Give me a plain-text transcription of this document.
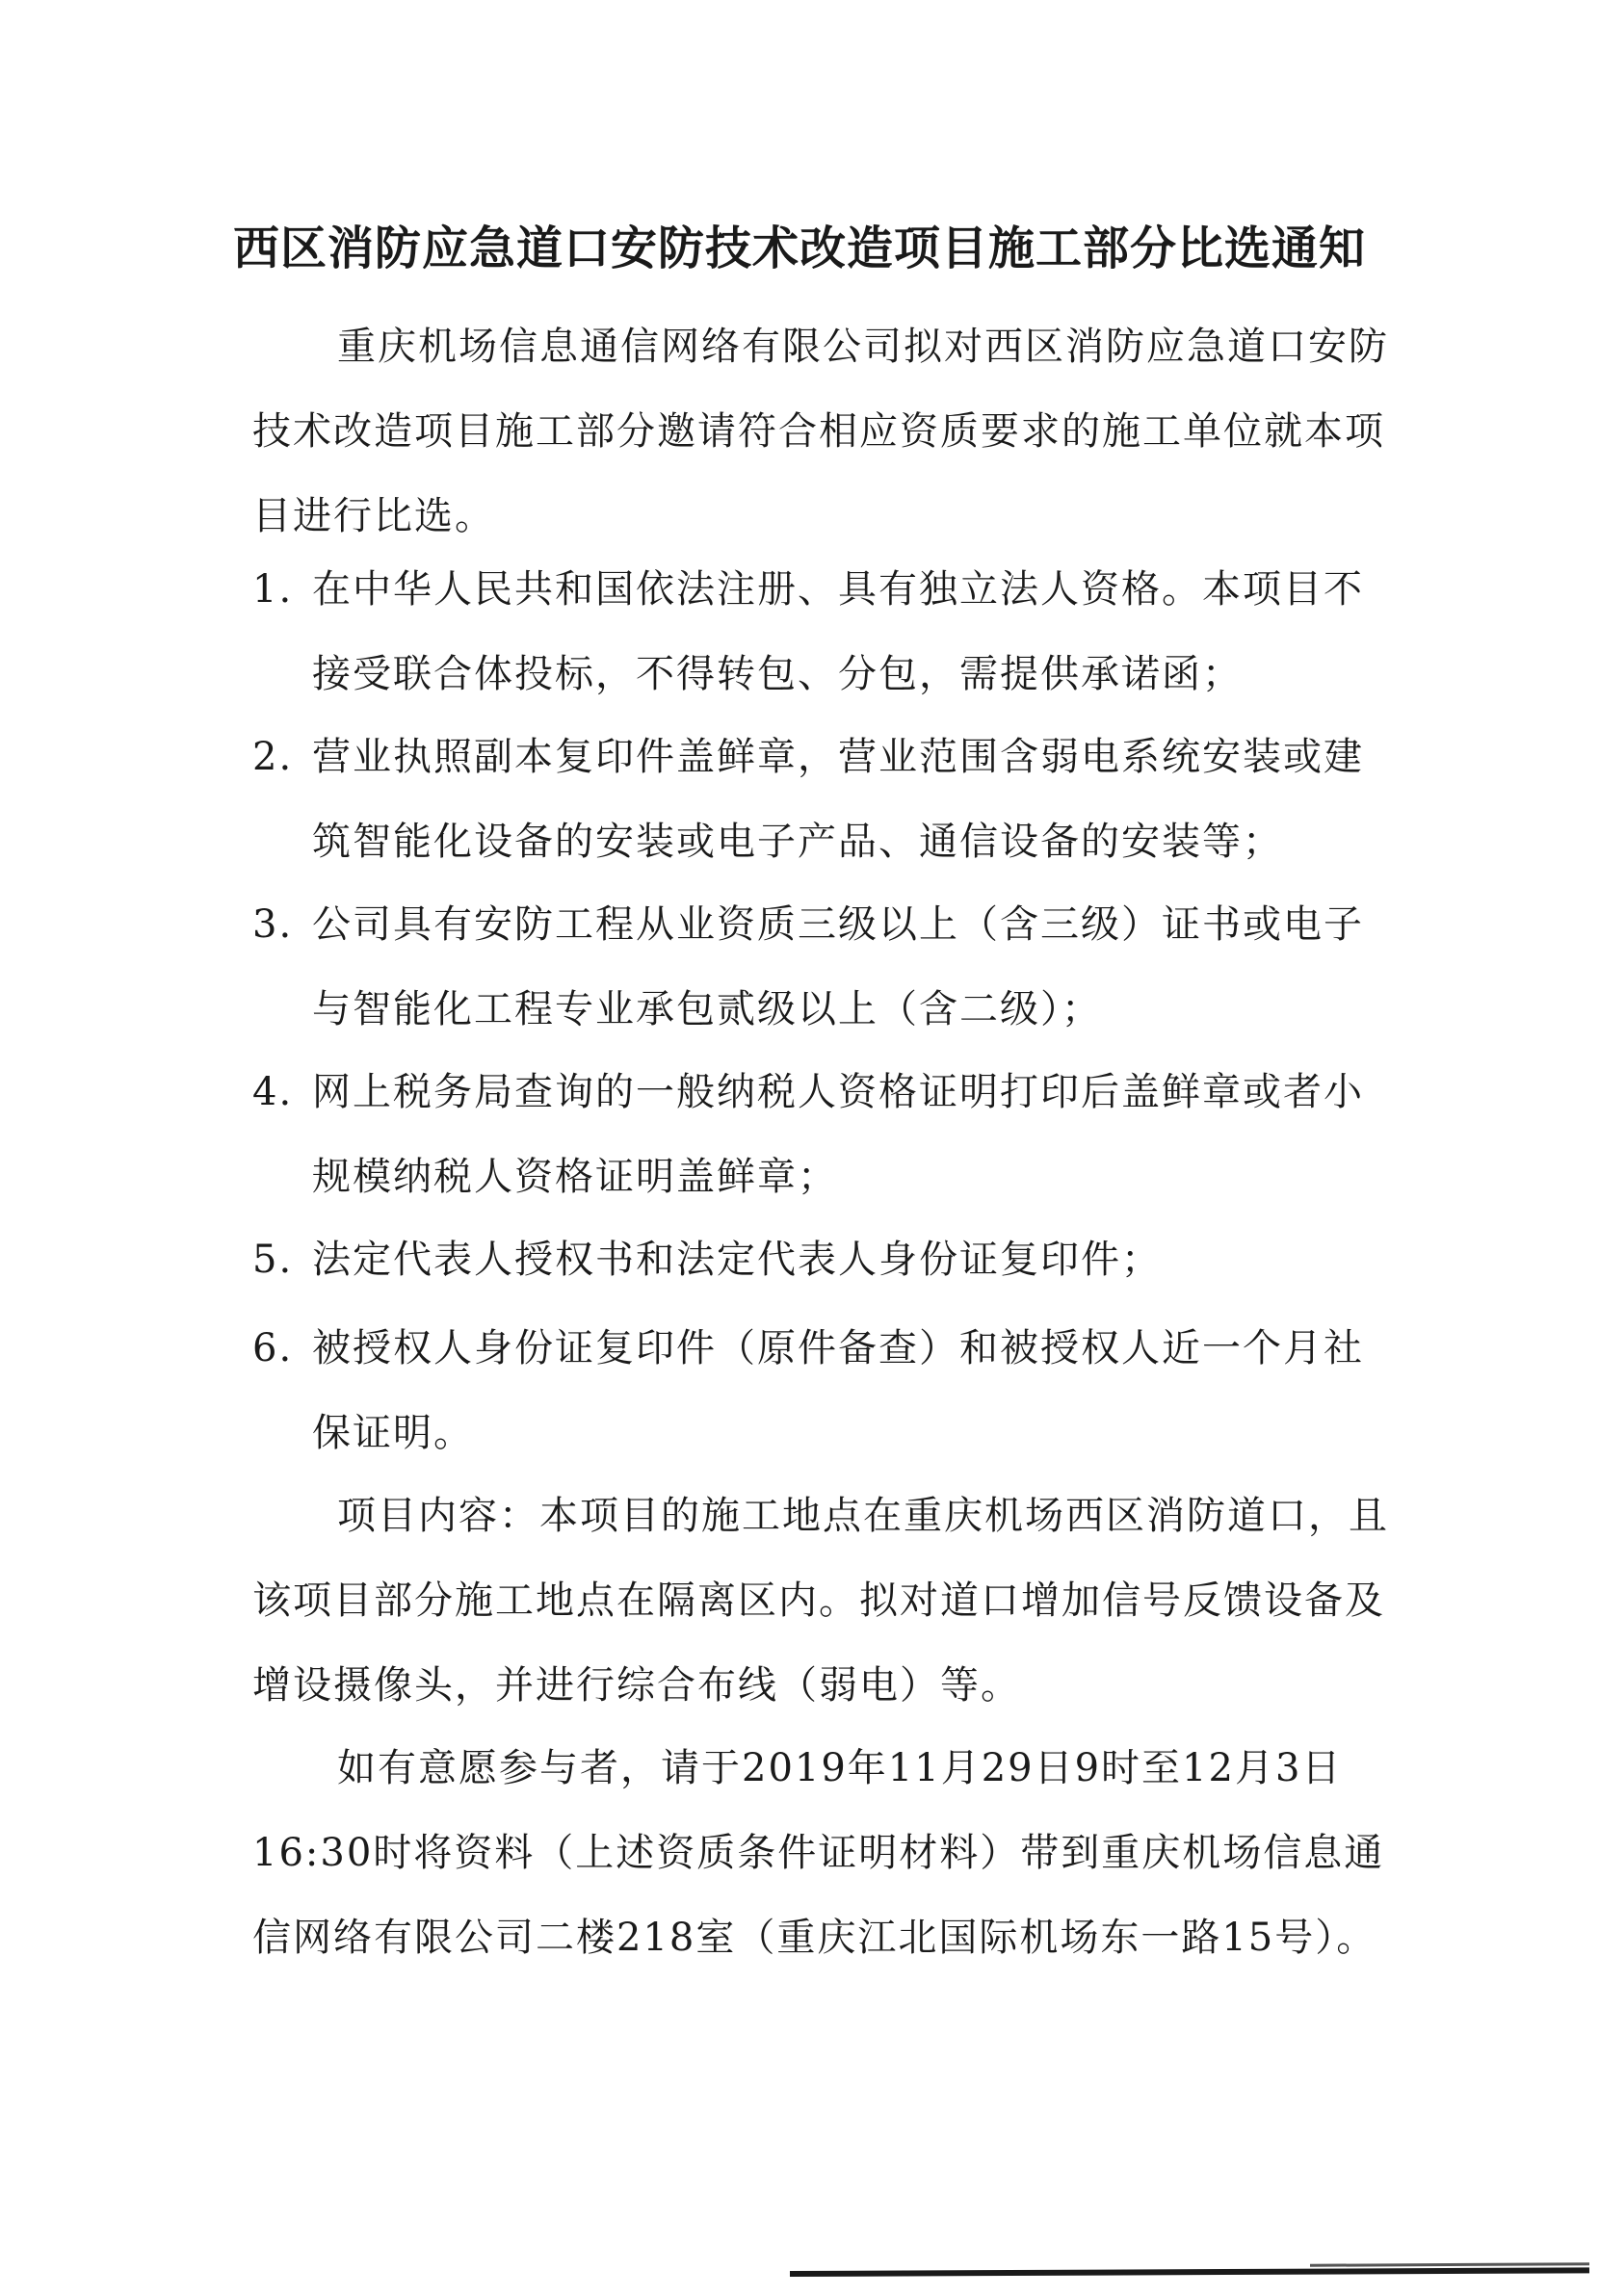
西区消防应急道口安防技术改造项目施工部分比选通知
重庆机场信息通信网络有限公司拟对西区消防应急道口安防技术改造项目施工部分邀请符合相应资质要求的施工单位就本项目进行比选。
1. 在中华人民共和国依法注册、具有独立法人资格。本项目不接受联合体投标，不得转包、分包，需提供承诺函；
2. 营业执照副本复印件盖鲜章，营业范围含弱电系统安装或建筑智能化设备的安装或电子产品、通信设备的安装等；
3. 公司具有安防工程从业资质三级以上（含三级）证书或电子与智能化工程专业承包贰级以上（含二级）；
4. 网上税务局查询的一般纳税人资格证明打印后盖鲜章或者小规模纳税人资格证明盖鲜章；
5. 法定代表人授权书和法定代表人身份证复印件；
6. 被授权人身份证复印件（原件备查）和被授权人近一个月社保证明。
项目内容：本项目的施工地点在重庆机场西区消防道口，且该项目部分施工地点在隔离区内。拟对道口增加信号反馈设备及增设摄像头，并进行综合布线（弱电）等。
如有意愿参与者，请于2019年11月29日9时至12月3日16:30时将资料（上述资质条件证明材料）带到重庆机场信息通信网络有限公司二楼218室（重庆江北国际机场东一路15号）。
